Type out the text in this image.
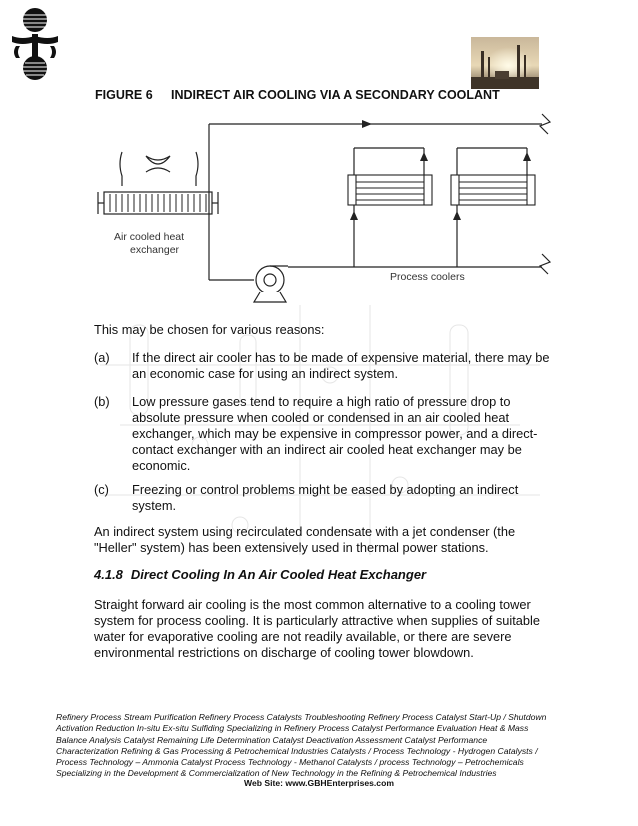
FIGURE 6 INDIRECT AIR COOLING VIA A SECONDARY COOLANT
Air cooled heat
exchanger
Process coolers
This may be chosen for various reasons:
(a) If the direct air cooler has to be made of expensive material, there may be
an economic case for using an indirect system.
(b) Low pressure gases tend to require a high ratio of pressure drop to
absolute pressure when cooled or condensed in an air cooled heat
exchanger, which may be expensive in compressor power, and a direct-
contact exchanger with an indirect air cooled heat exchanger may be
economic.
(c) Freezing or control problems might be eased by adopting an indirect
system.
An indirect system using recirculated condensate with a jet condenser (the
"Heller" system) has been extensively used in thermal power stations.
4.1.8 Direct Cooling In An Air Cooled Heat Exchanger
Straight forward air cooling is the most common alternative to a cooling tower
system for process cooling. It is particularly attractive when supplies of suitable
water for evaporative cooling are not readily available, or there are severe
environmental restrictions on discharge of cooling tower blowdown.
Refinery Process Stream Purification Refinery Process Catalysts Troubleshooting Refinery Process Catalyst Start-Up / Shutdown
Activation Reduction In-situ Ex-situ Sulfiding Specializing in Refinery Process Catalyst Performance Evaluation Heat & Mass
Balance Analysis Catalyst Remaining Life Determination Catalyst Deactivation Assessment Catalyst Performance
Characterization Refining & Gas Processing & Petrochemical Industries Catalysts / Process Technology - Hydrogen Catalysts /
Process Technology – Ammonia Catalyst Process Technology - Methanol Catalysts / process Technology – Petrochemicals
Specializing in the Development & Commercialization of New Technology in the Refining & Petrochemical Industries
Web Site: www.GBHEnterprises.com
